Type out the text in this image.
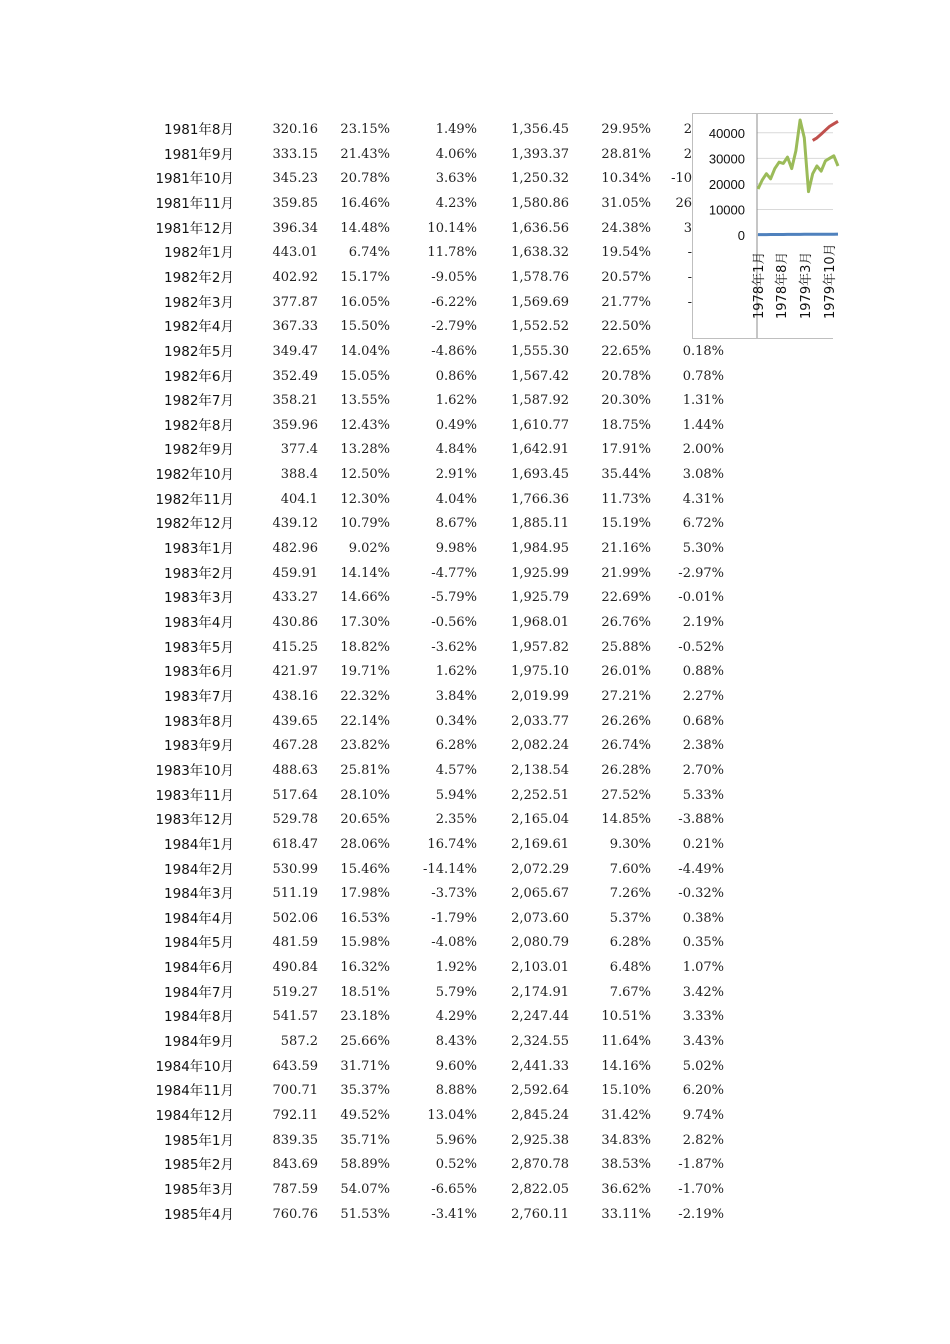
1981年8月	320.16	23.15%	1.49%	1,356.45	29.95%
1981年9月	333.15	21.43%	4.06%	1,393.37	28.81%
1981年10月	345.23	20.78%	3.63%	1,250.32	10.34%
1981年11月	359.85	16.46%	4.23%	1,580.86	31.05%
1981年12月	396.34	14.48%	10.14%	1,636.56	24.38%
1982年1月	443.01	6.74%	11.78%	1,638.32	19.54%
1982年2月	402.92	15.17%	-9.05%	1,578.76	20.57%
1982年3月	377.87	16.05%	-6.22%	1,569.69	21.77%
1982年4月	367.33	15.50%	-2.79%	1,552.52	22.50%
1982年5月	349.47	14.04%	-4.86%	1,555.30	22.65%	0.18%
1982年6月	352.49	15.05%	0.86%	1,567.42	20.78%	0.78%
1982年7月	358.21	13.55%	1.62%	1,587.92	20.30%	1.31%
1982年8月	359.96	12.43%	0.49%	1,610.77	18.75%	1.44%
1982年9月	377.4	13.28%	4.84%	1,642.91	17.91%	2.00%
1982年10月	388.4	12.50%	2.91%	1,693.45	35.44%	3.08%
1982年11月	404.1	12.30%	4.04%	1,766.36	11.73%	4.31%
1982年12月	439.12	10.79%	8.67%	1,885.11	15.19%	6.72%
1983年1月	482.96	9.02%	9.98%	1,984.95	21.16%	5.30%
1983年2月	459.91	14.14%	-4.77%	1,925.99	21.99%	-2.97%
1983年3月	433.27	14.66%	-5.79%	1,925.79	22.69%	-0.01%
1983年4月	430.86	17.30%	-0.56%	1,968.01	26.76%	2.19%
1983年5月	415.25	18.82%	-3.62%	1,957.82	25.88%	-0.52%
1983年6月	421.97	19.71%	1.62%	1,975.10	26.01%	0.88%
1983年7月	438.16	22.32%	3.84%	2,019.99	27.21%	2.27%
1983年8月	439.65	22.14%	0.34%	2,033.77	26.26%	0.68%
1983年9月	467.28	23.82%	6.28%	2,082.24	26.74%	2.38%
1983年10月	488.63	25.81%	4.57%	2,138.54	26.28%	2.70%
1983年11月	517.64	28.10%	5.94%	2,252.51	27.52%	5.33%
1983年12月	529.78	20.65%	2.35%	2,165.04	14.85%	-3.88%
1984年1月	618.47	28.06%	16.74%	2,169.61	9.30%	0.21%
1984年2月	530.99	15.46%	-14.14%	2,072.29	7.60%	-4.49%
1984年3月	511.19	17.98%	-3.73%	2,065.67	7.26%	-0.32%
1984年4月	502.06	16.53%	-1.79%	2,073.60	5.37%	0.38%
1984年5月	481.59	15.98%	-4.08%	2,080.79	6.28%	0.35%
1984年6月	490.84	16.32%	1.92%	2,103.01	6.48%	1.07%
1984年7月	519.27	18.51%	5.79%	2,174.91	7.67%	3.42%
1984年8月	541.57	23.18%	4.29%	2,247.44	10.51%	3.33%
1984年9月	587.2	25.66%	8.43%	2,324.55	11.64%	3.43%
1984年10月	643.59	31.71%	9.60%	2,441.33	14.16%	5.02%
1984年11月	700.71	35.37%	8.88%	2,592.64	15.10%	6.20%
1984年12月	792.11	49.52%	13.04%	2,845.24	31.42%	9.74%
1985年1月	839.35	35.71%	5.96%	2,925.38	34.83%	2.82%
1985年2月	843.69	58.89%	0.52%	2,870.78	38.53%	-1.87%
1985年3月	787.59	54.07%	-6.65%	2,822.05	36.62%	-1.70%
1985年4月	760.76	51.53%	-3.41%	2,760.11	33.11%	-2.19%
2
2
-10
26
3
-
-
-
40000
30000
20000
10000
0
1978年1月 1978年8月 1979年3月 1979年10月
